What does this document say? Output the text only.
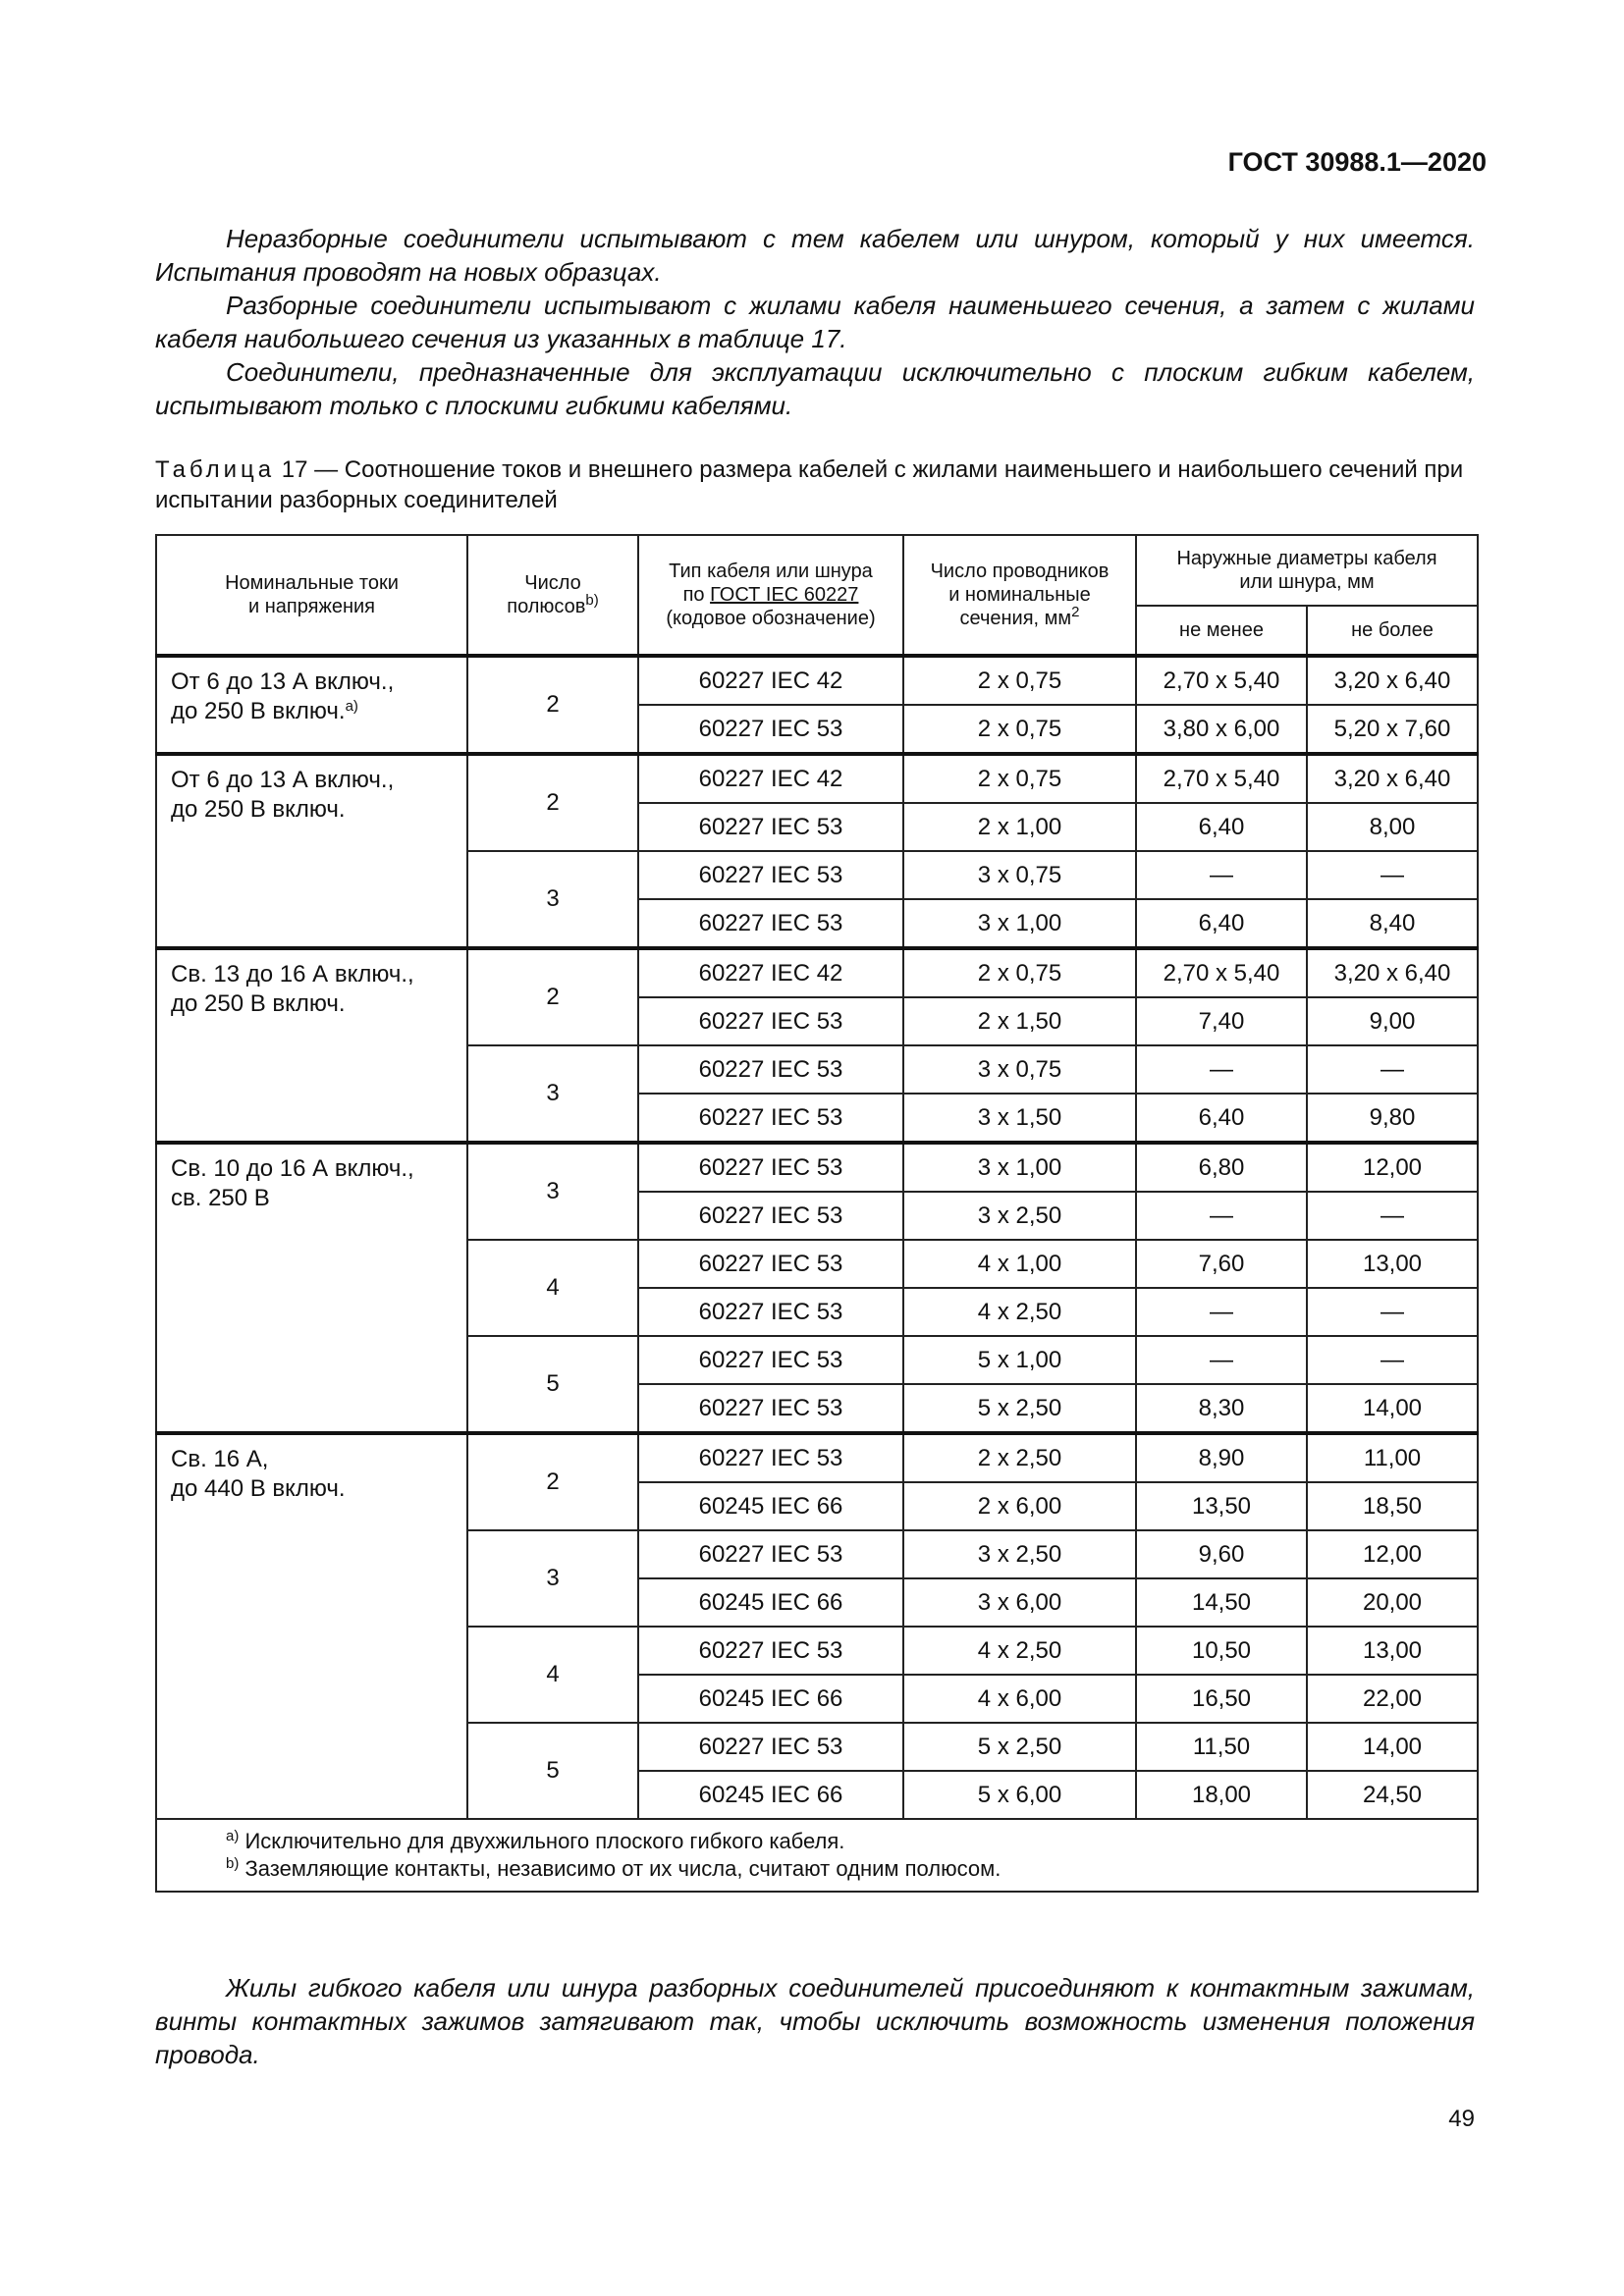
ГОСТ 30988.1—2020

Неразборные соединители испытывают с тем кабелем или шнуром, который у них имеется. Испытания проводят на новых образцах.

Разборные соединители испытывают с жилами кабеля наименьшего сечения, а затем с жилами кабеля наибольшего сечения из указанных в таблице 17.

Соединители, предназначенные для эксплуатации исключительно с плоским гибким кабелем, испытывают только с плоскими гибкими кабелями.

Таблица 17 — Соотношение токов и внешнего размера кабелей с жилами наименьшего и наибольшего сечений при испытании разборных соединителей

Номинальные токи
и напряжения	Число
полюсов$^{b)}$	Тип кабеля или шнура
по ГОСТ IEC 60227
(кодовое обозначение)	Число проводников
и номинальные
сечения, $мм^2$	Наружные диаметры кабеля
или шнура, мм	
				не менее	не более
От 6 до 13 А включ.,
до 250 В включ.$^{a)}$	2	60227 IEC 42	2 x 0,75	2,70 x 5,40	3,20 x 6,40
		60227 IEC 53	2 x 0,75	3,80 x 6,00	5,20 x 7,60
От 6 до 13 А включ.,
до 250 В включ.	2	60227 IEC 42	2 x 0,75	2,70 x 5,40	3,20 x 6,40
		60227 IEC 53	2 x 1,00	6,40	8,00
	3	60227 IEC 53	3 x 0,75	—	—
		60227 IEC 53	3 x 1,00	6,40	8,40
Св. 13 до 16 А включ.,
до 250 В включ.	2	60227 IEC 42	2 x 0,75	2,70 x 5,40	3,20 x 6,40
		60227 IEC 53	2 x 1,50	7,40	9,00
	3	60227 IEC 53	3 x 0,75	—	—
		60227 IEC 53	3 x 1,50	6,40	9,80
Св. 10 до 16 А включ.,
св. 250 В	3	60227 IEC 53	3 x 1,00	6,80	12,00
		60227 IEC 53	3 x 2,50	—	—
	4	60227 IEC 53	4 x 1,00	7,60	13,00
		60227 IEC 53	4 x 2,50	—	—
	5	60227 IEC 53	5 x 1,00	—	—
		60227 IEC 53	5 x 2,50	8,30	14,00
Св. 16 А,
до 440 В включ.	2	60227 IEC 53	2 x 2,50	8,90	11,00
		60245 IEC 66	2 x 6,00	13,50	18,50
	3	60227 IEC 53	3 x 2,50	9,60	12,00
		60245 IEC 66	3 x 6,00	14,50	20,00
	4	60227 IEC 53	4 x 2,50	10,50	13,00
		60245 IEC 66	4 x 6,00	16,50	22,00
	5	60227 IEC 53	5 x 2,50	11,50	14,00
		60245 IEC 66	5 x 6,00	18,00	24,50

$^{a)}$ Исключительно для двухжильного плоского гибкого кабеля.
$^{b)}$ Заземляющие контакты, независимо от их числа, считают одним полюсом.					

Жилы гибкого кабеля или шнура разборных соединителей присоединяют к контактным зажимам, винты контактных зажимов затягивают так, чтобы исключить возможность изменения положения провода.

49
